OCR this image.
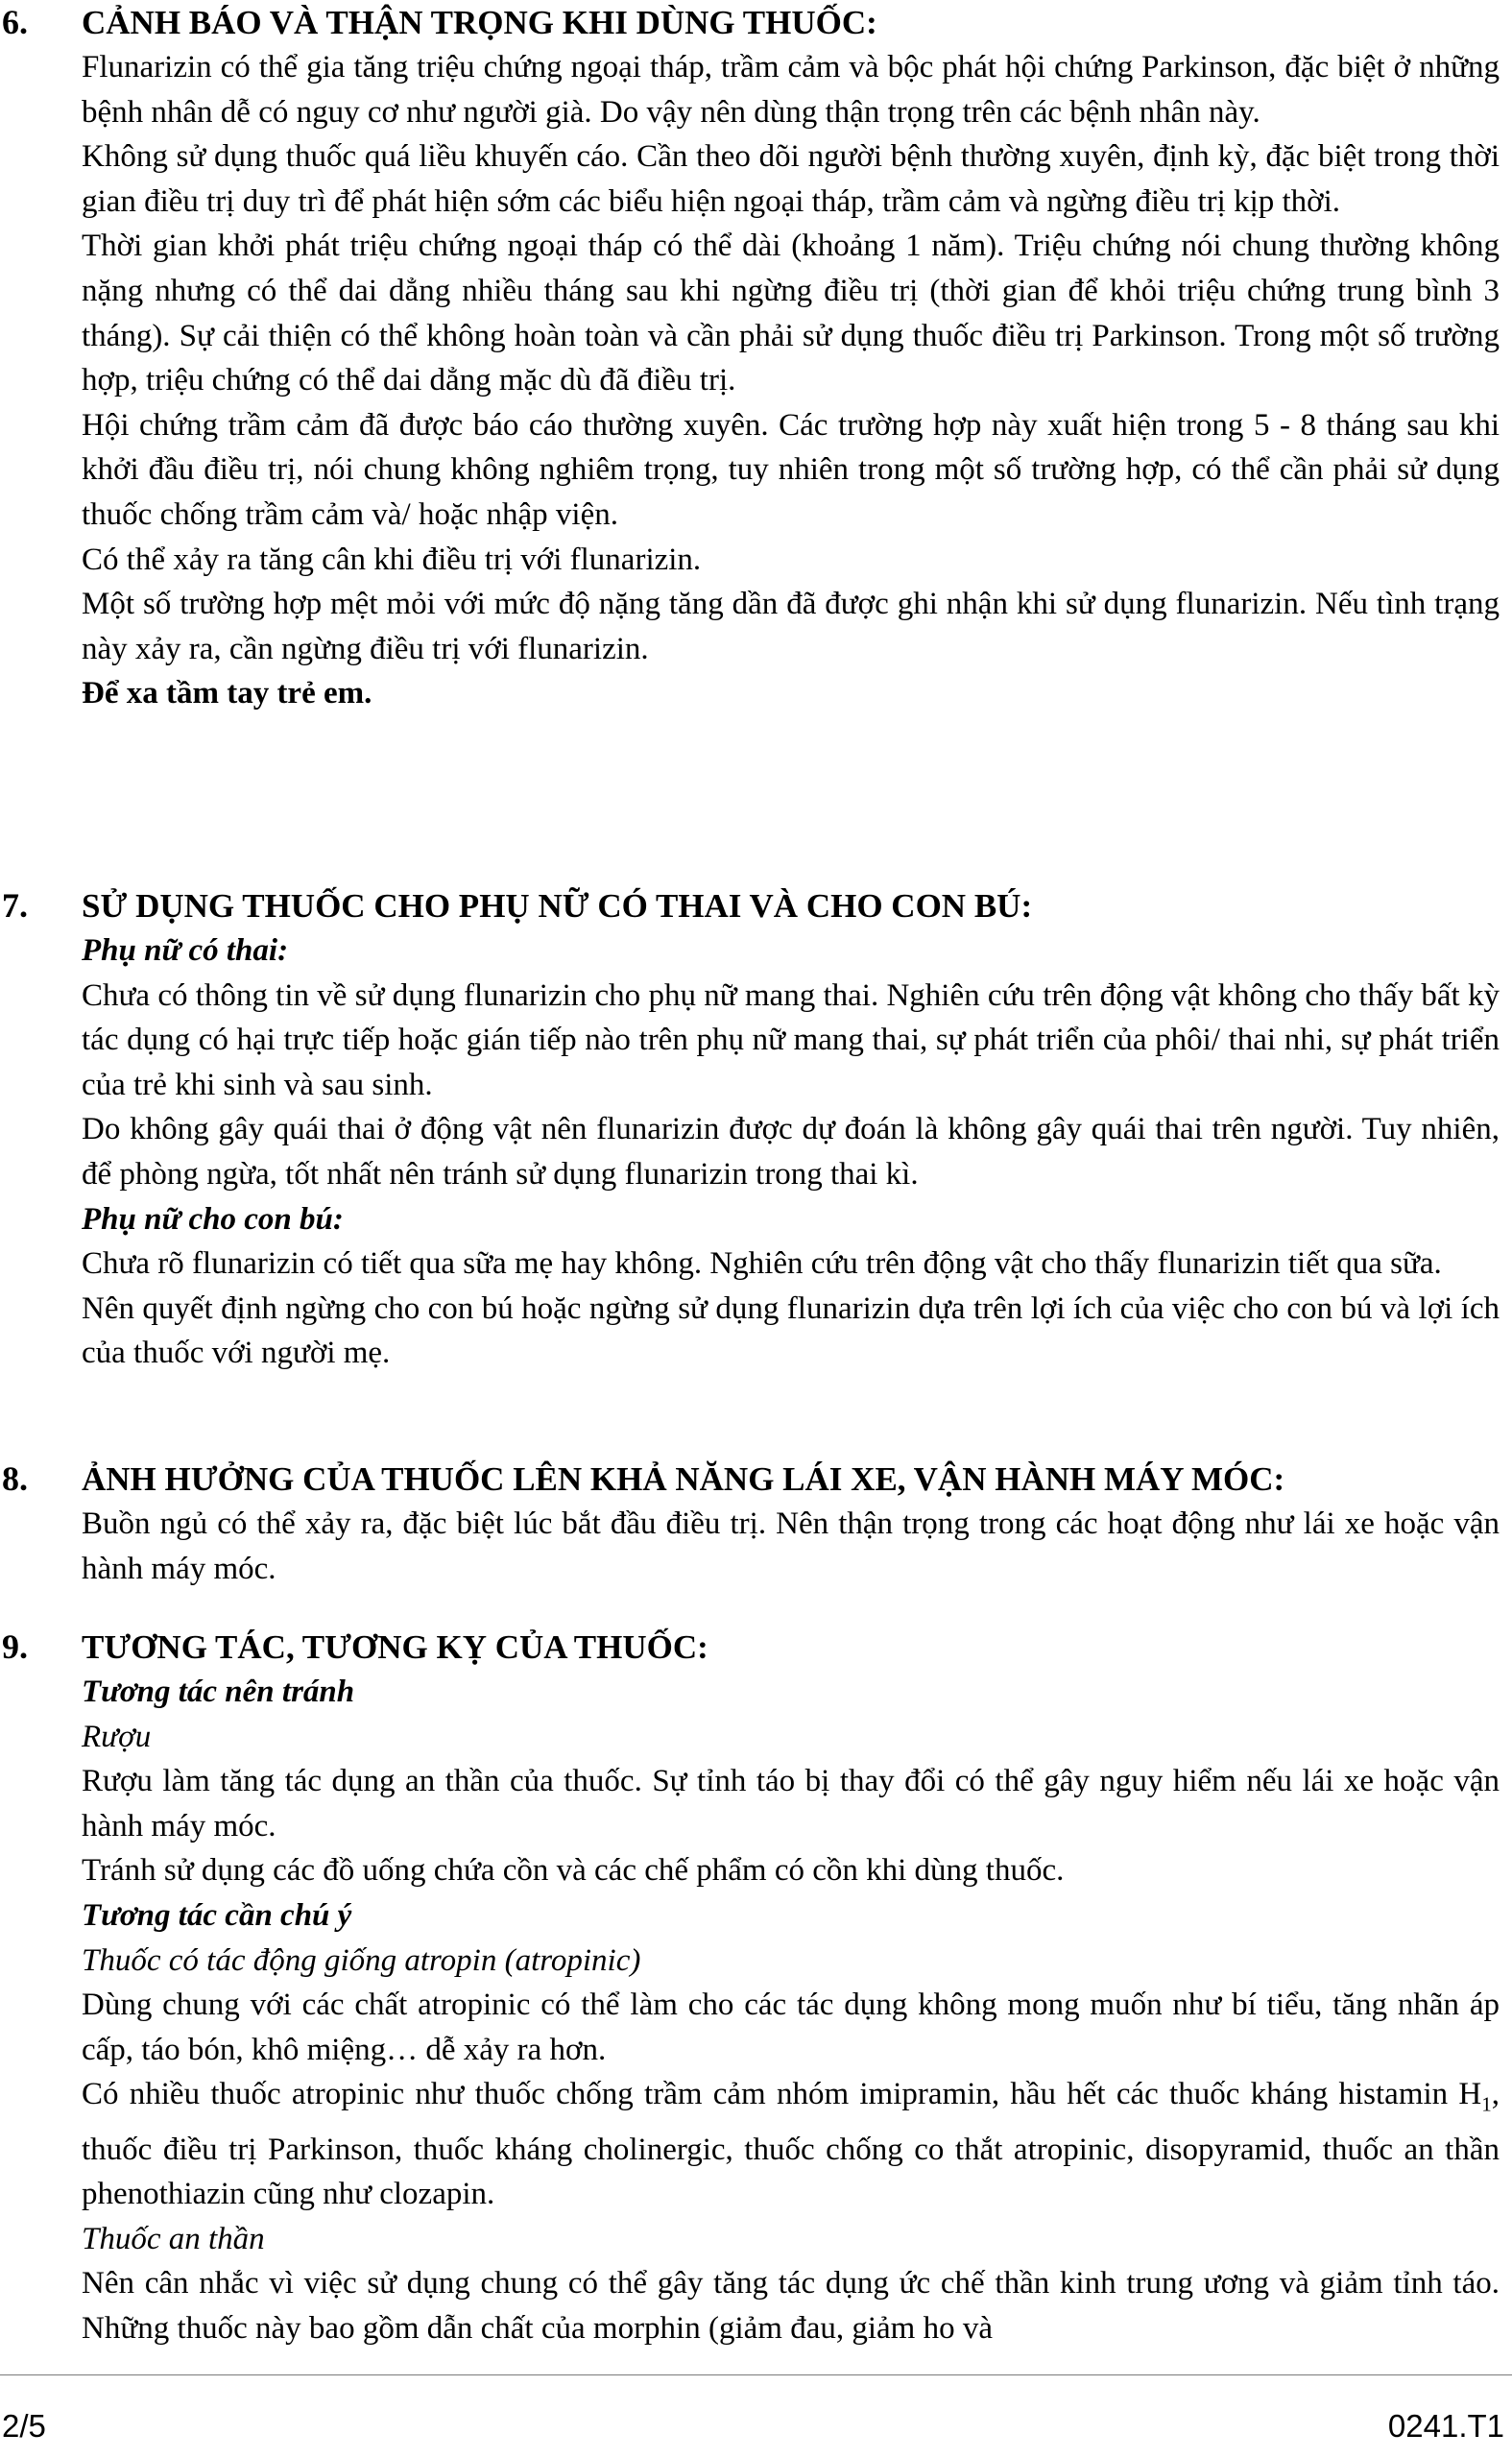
6. CẢNH BÁO VÀ THẬN TRỌNG KHI DÙNG THUỐC:

Flunarizin có thể gia tăng triệu chứng ngoại tháp, trầm cảm và bộc phát hội chứng Parkinson, đặc biệt ở những bệnh nhân dễ có nguy cơ như người già. Do vậy nên dùng thận trọng trên các bệnh nhân này.

Không sử dụng thuốc quá liều khuyến cáo. Cần theo dõi người bệnh thường xuyên, định kỳ, đặc biệt trong thời gian điều trị duy trì để phát hiện sớm các biểu hiện ngoại tháp, trầm cảm và ngừng điều trị kịp thời.

Thời gian khởi phát triệu chứng ngoại tháp có thể dài (khoảng 1 năm). Triệu chứng nói chung thường không nặng nhưng có thể dai dẳng nhiều tháng sau khi ngừng điều trị (thời gian để khỏi triệu chứng trung bình 3 tháng). Sự cải thiện có thể không hoàn toàn và cần phải sử dụng thuốc điều trị Parkinson. Trong một số trường hợp, triệu chứng có thể dai dẳng mặc dù đã điều trị.

Hội chứng trầm cảm đã được báo cáo thường xuyên. Các trường hợp này xuất hiện trong 5 - 8 tháng sau khi khởi đầu điều trị, nói chung không nghiêm trọng, tuy nhiên trong một số trường hợp, có thể cần phải sử dụng thuốc chống trầm cảm và/ hoặc nhập viện.

Có thể xảy ra tăng cân khi điều trị với flunarizin.

Một số trường hợp mệt mỏi với mức độ nặng tăng dần đã được ghi nhận khi sử dụng flunarizin. Nếu tình trạng này xảy ra, cần ngừng điều trị với flunarizin.

Để xa tầm tay trẻ em.

7. SỬ DỤNG THUỐC CHO PHỤ NỮ CÓ THAI VÀ CHO CON BÚ:

Phụ nữ có thai:

Chưa có thông tin về sử dụng flunarizin cho phụ nữ mang thai. Nghiên cứu trên động vật không cho thấy bất kỳ tác dụng có hại trực tiếp hoặc gián tiếp nào trên phụ nữ mang thai, sự phát triển của phôi/ thai nhi, sự phát triển của trẻ khi sinh và sau sinh.

Do không gây quái thai ở động vật nên flunarizin được dự đoán là không gây quái thai trên người. Tuy nhiên, để phòng ngừa, tốt nhất nên tránh sử dụng flunarizin trong thai kì.

Phụ nữ cho con bú:

Chưa rõ flunarizin có tiết qua sữa mẹ hay không. Nghiên cứu trên động vật cho thấy flunarizin tiết qua sữa.

Nên quyết định ngừng cho con bú hoặc ngừng sử dụng flunarizin dựa trên lợi ích của việc cho con bú và lợi ích của thuốc với người mẹ.

8. ẢNH HƯỞNG CỦA THUỐC LÊN KHẢ NĂNG LÁI XE, VẬN HÀNH MÁY MÓC:

Buồn ngủ có thể xảy ra, đặc biệt lúc bắt đầu điều trị. Nên thận trọng trong các hoạt động như lái xe hoặc vận hành máy móc.

9. TƯƠNG TÁC, TƯƠNG KỴ CỦA THUỐC:

Tương tác nên tránh

Rượu

Rượu làm tăng tác dụng an thần của thuốc. Sự tỉnh táo bị thay đổi có thể gây nguy hiểm nếu lái xe hoặc vận hành máy móc.

Tránh sử dụng các đồ uống chứa cồn và các chế phẩm có cồn khi dùng thuốc.

Tương tác cần chú ý

Thuốc có tác động giống atropin (atropinic)

Dùng chung với các chất atropinic có thể làm cho các tác dụng không mong muốn như bí tiểu, tăng nhãn áp cấp, táo bón, khô miệng… dễ xảy ra hơn.

Có nhiều thuốc atropinic như thuốc chống trầm cảm nhóm imipramin, hầu hết các thuốc kháng histamin $H_1$, thuốc điều trị Parkinson, thuốc kháng cholinergic, thuốc chống co thắt atropinic, disopyramid, thuốc an thần phenothiazin cũng như clozapin.

Thuốc an thần

Nên cân nhắc vì việc sử dụng chung có thể gây tăng tác dụng ức chế thần kinh trung ương và giảm tỉnh táo. Những thuốc này bao gồm dẫn chất của morphin (giảm đau, giảm ho và

2/5	0241.T1
